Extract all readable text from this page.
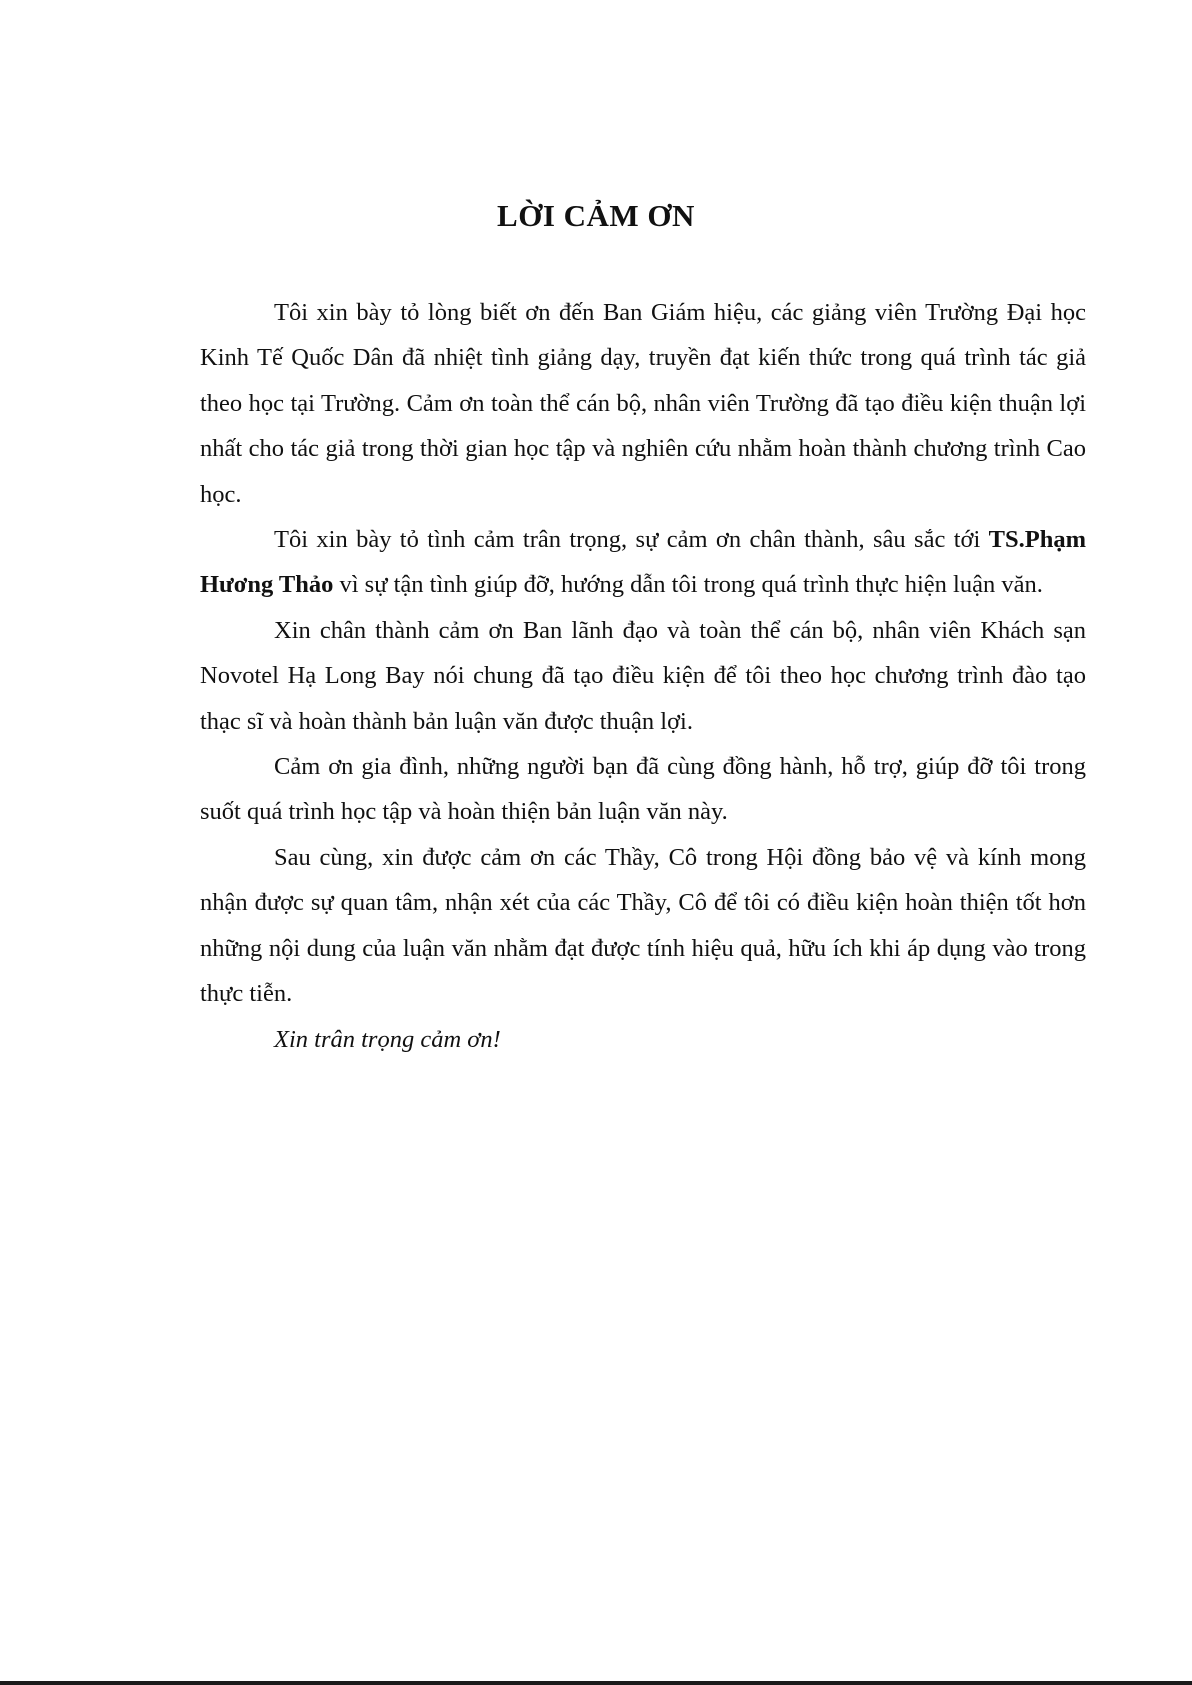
LỜI CẢM ƠN

Tôi xin bày tỏ lòng biết ơn đến Ban Giám hiệu, các giảng viên Trường Đại học Kinh Tế Quốc Dân đã nhiệt tình giảng dạy, truyền đạt kiến thức trong quá trình tác giả theo học tại Trường. Cảm ơn toàn thể cán bộ, nhân viên Trường đã tạo điều kiện thuận lợi nhất cho tác giả trong thời gian học tập và nghiên cứu nhằm hoàn thành chương trình Cao học.

Tôi xin bày tỏ tình cảm trân trọng, sự cảm ơn chân thành, sâu sắc tới TS.Phạm Hương Thảo vì sự tận tình giúp đỡ, hướng dẫn tôi trong quá trình thực hiện luận văn.

Xin chân thành cảm ơn Ban lãnh đạo và toàn thể cán bộ, nhân viên Khách sạn Novotel Hạ Long Bay nói chung đã tạo điều kiện để tôi theo học chương trình đào tạo thạc sĩ và hoàn thành bản luận văn được thuận lợi.

Cảm ơn gia đình, những người bạn đã cùng đồng hành, hỗ trợ, giúp đỡ tôi trong suốt quá trình học tập và hoàn thiện bản luận văn này.

Sau cùng, xin được cảm ơn các Thầy, Cô trong Hội đồng bảo vệ và kính mong nhận được sự quan tâm, nhận xét của các Thầy, Cô để tôi có điều kiện hoàn thiện tốt hơn những nội dung của luận văn nhằm đạt được tính hiệu quả, hữu ích khi áp dụng vào trong thực tiễn.

Xin trân trọng cảm ơn!
